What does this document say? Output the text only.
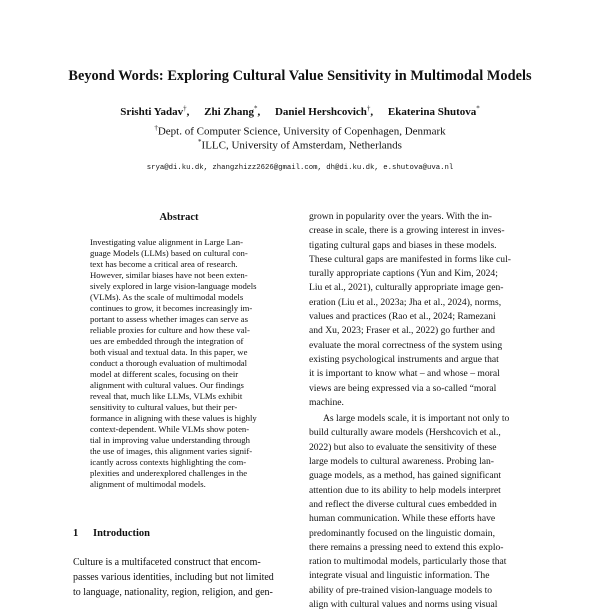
Beyond Words: Exploring Cultural Value Sensitivity in Multimodal Models
Srishti Yadav†, Zhi Zhang*, Daniel Hershcovich†, Ekaterina Shutova*
†Dept. of Computer Science, University of Copenhagen, Denmark
*ILLC, University of Amsterdam, Netherlands
srya@di.ku.dk, zhangzhizz2626@gmail.com, dh@di.ku.dk, e.shutova@uva.nl
Abstract
Investigating value alignment in Large Lan-
guage Models (LLMs) based on cultural con-
text has become a critical area of research.
However, similar biases have not been exten-
sively explored in large vision-language models
(VLMs). As the scale of multimodal models
continues to grow, it becomes increasingly im-
portant to assess whether images can serve as
reliable proxies for culture and how these val-
ues are embedded through the integration of
both visual and textual data. In this paper, we
conduct a thorough evaluation of multimodal
model at different scales, focusing on their
alignment with cultural values. Our findings
reveal that, much like LLMs, VLMs exhibit
sensitivity to cultural values, but their per-
formance in aligning with these values is highly
context-dependent. While VLMs show poten-
tial in improving value understanding through
the use of images, this alignment varies signif-
icantly across contexts highlighting the com-
plexities and underexplored challenges in the
alignment of multimodal models.
1 Introduction
Culture is a multifaceted construct that encom-
passes various identities, including but not limited
to language, nationality, region, religion, and gen-
grown in popularity over the years. With the in-
crease in scale, there is a growing interest in inves-
tigating cultural gaps and biases in these models.
These cultural gaps are manifested in forms like cul-
turally appropriate captions (Yun and Kim, 2024;
Liu et al., 2021), culturally appropriate image gen-
eration (Liu et al., 2023a; Jha et al., 2024), norms,
values and practices (Rao et al., 2024; Ramezani
and Xu, 2023; Fraser et al., 2022) go further and
evaluate the moral correctness of the system using
existing psychological instruments and argue that
it is important to know what – and whose – moral
views are being expressed via a so-called “moral
machine.
As large models scale, it is important not only to
build culturally aware models (Hershcovich et al.,
2022) but also to evaluate the sensitivity of these
large models to cultural awareness. Probing lan-
guage models, as a method, has gained significant
attention due to its ability to help models interpret
and reflect the diverse cultural cues embedded in
human communication. While these efforts have
predominantly focused on the linguistic domain,
there remains a pressing need to extend this explo-
ration to multimodal models, particularly those that
integrate visual and linguistic information. The
ability of pre-trained vision-language models to
align with cultural values and norms using visual
